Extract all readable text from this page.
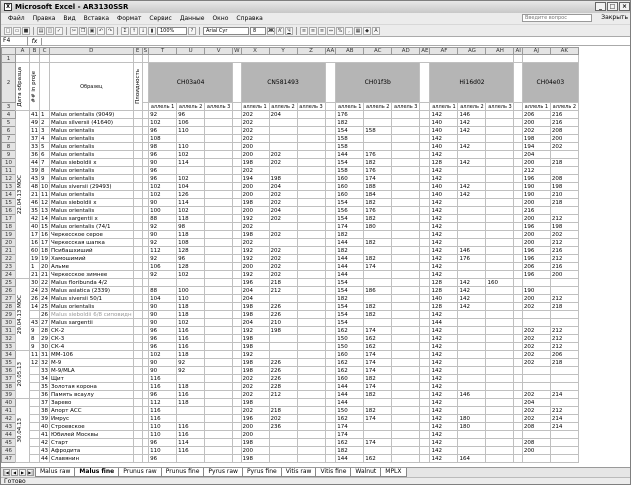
X Microsoft Excel - AR3130SSR	_	□	×
Файл	Правка	Вид	Вставка	Формат	Сервис	Данные	Окно	Справка	Введите вопрос	Закрыть
□ ▭ ■	▤ ◫ ✓	✂ ❐ ▣ ↶ ↷	Σ	↑ ↓	▮	100%	?	Arial Cyr	8	Ж К	Ч	≡ ≡ ≡ ⇔ %	,	▦ ◆	A
F4	fx
	A	B	C	D	E	S	T	U	V	W	X	Y	Z	AA	AB	AC	AD	AE	AF	AG	AH	AI	AJ	AK
1																								
2	Дата образца	## in proje		Образец	Плоидность		CH03a04				CN581493				CH01f3b				Hi16d02				CH04e03	
3							аллель 1	аллель 2	аллель 3		аллель 1	аллель 2	аллель 3		аллель 1	аллель 2	аллель 3		аллель 1	аллель 2	аллель 3		аллель 1	аллель 2
4	22.04.13 MOC	41	1	Malus orientalis (9049)			92	96			202	204			176				142	146			206	216
5		49	2	Malus silversii (41640)			102	106			202				182				140	142			200	216
6		11	3	Malus orientalis			96	110			202				154	158			140	142			202	208
7		37	4	Malus orientalis			108				202				158				142				198	200
8		33	5	Malus orientalis			98	110			200				158				140	142			194	202
9		36	6	Malus orientalis			96	102			200	202			144	176			142				204	
10		44	7	Malus sieboldii x			90	114			198	202			154	182			128	142			200	218
11		39	8	Malus orientalis			96				202				158	176			142				212	
12		43	9	Malus orientalis			96	102			194	198			160	174			142				196	208
13		48	10	Malus siversii (29493)			102	104			200	204			160	188			140	142			190	198
14		21	11	Malus orientalis			102	126			200	202			160	184			140	142			190	210
15		46	12	Malus sieboldii x			90	114			198	202			154	182			142				200	218
16		35	13	Malus orientalis			100	102			200	204			156	176			142				216	
17		42	14	Malus sargentii x			88	118			192	202			154	182			142				200	212
18		40	15	Malus orientalis (74/1			92	98			202				174	180			142				196	198
19		17	16	Черкесское серое			90	118			198	202			182				142				200	202
20		16	17	Черкесская шапка			92	108			202				144	182			142				200	212
21		60	18	Псибашхиший			112	128			192	202			182				142	146			196	216
22		19	19	Хамошимий			92	96			192	202			144	182			142	176			196	212
23		1	20	Альме			106	128			200	202			144	174			142				206	216
24		21	21	Черкесское зимнее			92	102			192	202			144				142				196	200
25	29.04.13 MOC	30	22	Malus floribunda 4/2							196	218			154				128	142	160			
26		24	23	Malus asiatica (2339)			88	100			204	212			154	186			128	142			190	
27		26	24	Malus siversii 50/1			104	110			204				182				140	142			200	212
28		14	25	Malus orientalis			90	118			198	226			154	182			128	142			202	218
29			26	Malus sieboldii 6/8 сиповидн			90	118			198	226			154	182			142					
30		43	27	Malus sargentii			90	102			204	210			154				144					
31		9	28	СК-2			96	116			192	198			162	174			142				202	212
32		8	29	СК-3			96	116			198				150	162			142				202	212
33		9	30	СК-4			96	116			198				150	162			142				202	212
34	20.05.13	11	31	ММ-106			102	118			192				160	174			142				202	206
35		12	32	М-9			90	92			198	226			162	174			142				202	218
36			33	М-9/МLА			90	92			198	226			162	174			142					
37			34	Щит			116				202	226			160	182			142					
38			35	Золотая корона			116	118			202	228			144	174			142					
39			36	Память всаулу			96	116			202	212			144	182			142	146			202	214
40	30.04.13		37	Зарево			112	118			198				144				142				204	
41			38	Апорт АСС			116				202	218			150	182			142				202	212
42			39	Имрус			116				196	202			162	174			142	180			202	214
43			40	Строевское			110	116			200	236			174				142	180			208	214
44			41	Юбилей Москвы			110	116			200				174				142					
45			42	Старт			96	114			198				162	174			142				208	
46			43	Афродита			110	116			200				182				142				200	
47			44	Славянин			96				198				144	162			142	164				
|◀	◀	▶	▶|	Malus raw	Malus fine	Prunus raw	Prunus fine	Pyrus raw	Pyrus fine	Vitis raw	Vitis fine	Walnut	MPLX
Готово
